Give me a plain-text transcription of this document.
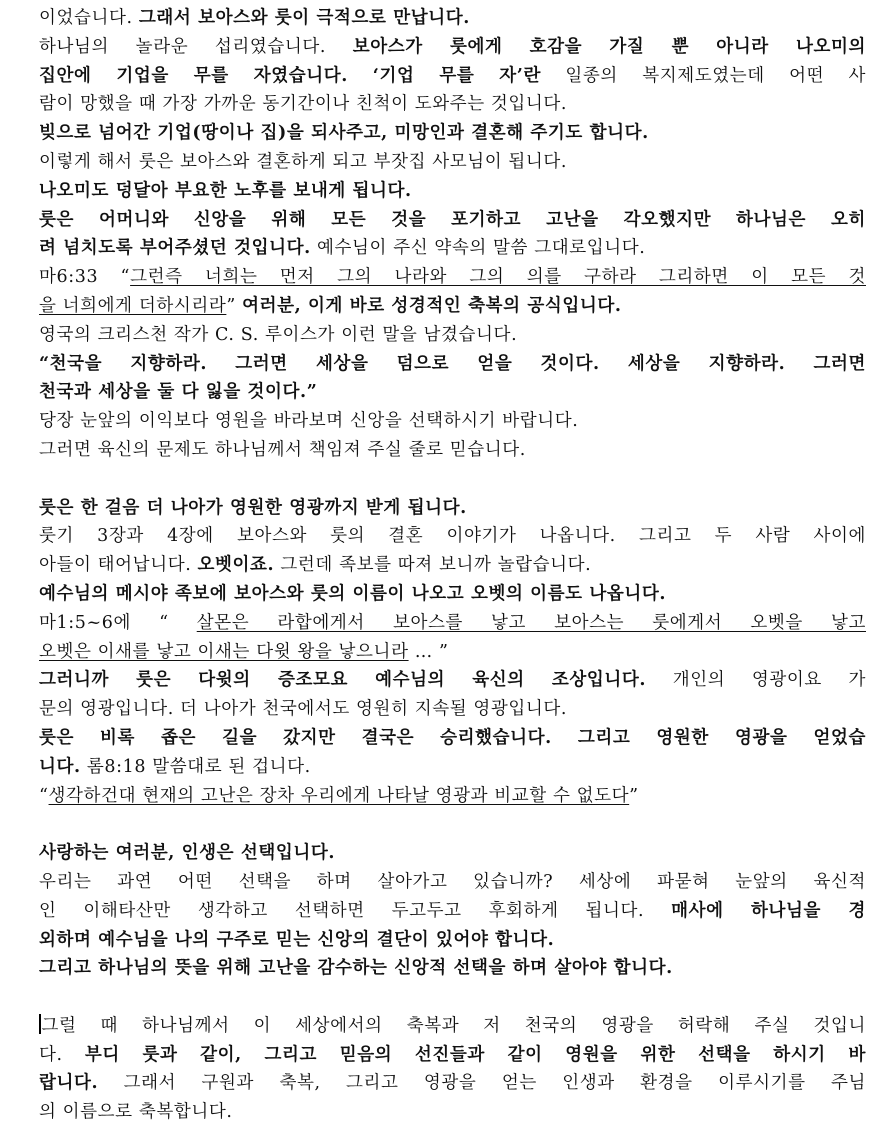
이었습니다. 그래서 보아스와 룻이 극적으로 만납니다.
하나님의 놀라운 섭리였습니다. 보아스가 룻에게 호감을 가질 뿐 아니라 나오미의
집안에 기업을 무를 자였습니다. ‘기업 무를 자’란 일종의 복지제도였는데 어떤 사
람이 망했을 때 가장 가까운 동기간이나 친척이 도와주는 것입니다.
빚으로 넘어간 기업(땅이나 집)을 되사주고, 미망인과 결혼해 주기도 합니다.
이렇게 해서 룻은 보아스와 결혼하게 되고 부잣집 사모님이 됩니다.
나오미도 덩달아 부요한 노후를 보내게 됩니다.
룻은 어머니와 신앙을 위해 모든 것을 포기하고 고난을 각오했지만 하나님은 오히
려 넘치도록 부어주셨던 것입니다. 예수님이 주신 약속의 말씀 그대로입니다.
마6:33 “그런즉 너희는 먼저 그의 나라와 그의 의를 구하라 그리하면 이 모든 것
을 너희에게 더하시리라” 여러분, 이게 바로 성경적인 축복의 공식입니다.
영국의 크리스천 작가 C. S. 루이스가 이런 말을 남겼습니다.
“천국을 지향하라. 그러면 세상을 덤으로 얻을 것이다. 세상을 지향하라. 그러면
천국과 세상을 둘 다 잃을 것이다.”
당장 눈앞의 이익보다 영원을 바라보며 신앙을 선택하시기 바랍니다.
그러면 육신의 문제도 하나님께서 책임져 주실 줄로 믿습니다.
룻은 한 걸음 더 나아가 영원한 영광까지 받게 됩니다.
룻기 3장과 4장에 보아스와 룻의 결혼 이야기가 나옵니다. 그리고 두 사람 사이에
아들이 태어납니다. 오벳이죠. 그런데 족보를 따져 보니까 놀랍습니다.
예수님의 메시야 족보에 보아스와 룻의 이름이 나오고 오벳의 이름도 나옵니다.
마1:5~6에 “ 살몬은 라합에게서 보아스를 낳고 보아스는 룻에게서 오벳을 낳고
오벳은 이새를 낳고 이새는 다윗 왕을 낳으니라 … ”
그러니까 룻은 다윗의 증조모요 예수님의 육신의 조상입니다. 개인의 영광이요 가
문의 영광입니다. 더 나아가 천국에서도 영원히 지속될 영광입니다.
룻은 비록 좁은 길을 갔지만 결국은 승리했습니다. 그리고 영원한 영광을 얻었습
니다. 롬8:18 말씀대로 된 겁니다.
“생각하건대 현재의 고난은 장차 우리에게 나타날 영광과 비교할 수 없도다”
사랑하는 여러분, 인생은 선택입니다.
우리는 과연 어떤 선택을 하며 살아가고 있습니까? 세상에 파묻혀 눈앞의 육신적
인 이해타산만 생각하고 선택하면 두고두고 후회하게 됩니다. 매사에 하나님을 경
외하며 예수님을 나의 구주로 믿는 신앙의 결단이 있어야 합니다.
그리고 하나님의 뜻을 위해 고난을 감수하는 신앙적 선택을 하며 살아야 합니다.
그럴 때 하나님께서 이 세상에서의 축복과 저 천국의 영광을 허락해 주실 것입니
다. 부디 룻과 같이, 그리고 믿음의 선진들과 같이 영원을 위한 선택을 하시기 바
랍니다. 그래서 구원과 축복, 그리고 영광을 얻는 인생과 환경을 이루시기를 주님
의 이름으로 축복합니다.
